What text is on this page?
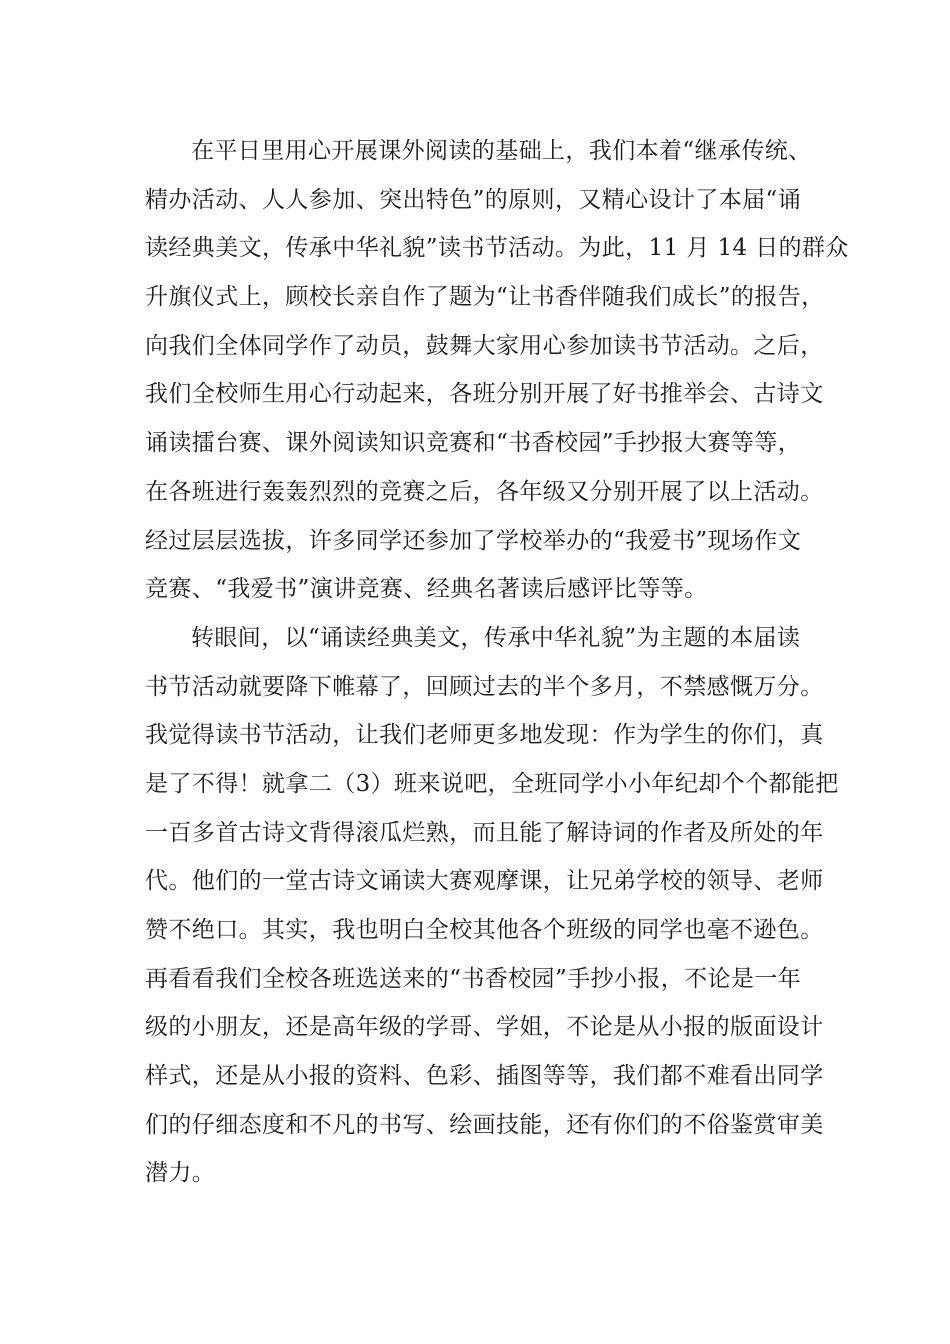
在平日里用心开展课外阅读的基础上，我们本着“继承传统、
精办活动、人人参加、突出特色”的原则，又精心设计了本届“诵
读经典美文，传承中华礼貌”读书节活动。为此，11 月 14 日的群众
升旗仪式上，顾校长亲自作了题为“让书香伴随我们成长”的报告，
向我们全体同学作了动员，鼓舞大家用心参加读书节活动。之后，
我们全校师生用心行动起来，各班分别开展了好书推举会、古诗文
诵读擂台赛、课外阅读知识竞赛和“书香校园”手抄报大赛等等，
在各班进行轰轰烈烈的竞赛之后，各年级又分别开展了以上活动。
经过层层选拔，许多同学还参加了学校举办的“我爱书”现场作文
竞赛、“我爱书”演讲竞赛、经典名著读后感评比等等。
转眼间，以“诵读经典美文，传承中华礼貌”为主题的本届读
书节活动就要降下帷幕了，回顾过去的半个多月，不禁感慨万分。
我觉得读书节活动，让我们老师更多地发现：作为学生的你们，真
是了不得！就拿二（3）班来说吧，全班同学小小年纪却个个都能把
一百多首古诗文背得滚瓜烂熟，而且能了解诗词的作者及所处的年
代。他们的一堂古诗文诵读大赛观摩课，让兄弟学校的领导、老师
赞不绝口。其实，我也明白全校其他各个班级的同学也毫不逊色。
再看看我们全校各班选送来的“书香校园”手抄小报，不论是一年
级的小朋友，还是高年级的学哥、学姐，不论是从小报的版面设计
样式，还是从小报的资料、色彩、插图等等，我们都不难看出同学
们的仔细态度和不凡的书写、绘画技能，还有你们的不俗鉴赏审美
潜力。
